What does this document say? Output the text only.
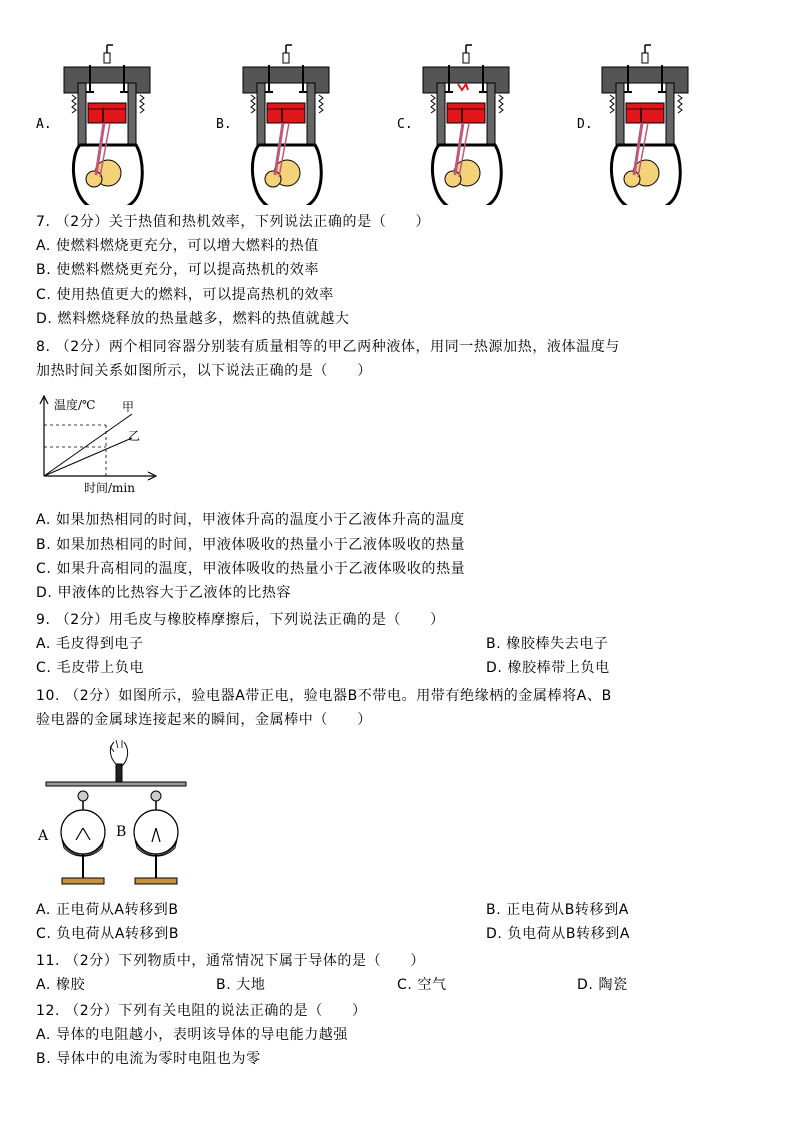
A.	B.	C.	D.
7. （2分）关于热值和热机效率，下列说法正确的是（　　）
A. 使燃料燃烧更充分，可以增大燃料的热值
B. 使燃料燃烧更充分，可以提高热机的效率
C. 使用热值更大的燃料，可以提高热机的效率
D. 燃料燃烧释放的热量越多，燃料的热值就越大
8. （2分）两个相同容器分别装有质量相等的甲乙两种液体，用同一热源加热，液体温度与
加热时间关系如图所示，以下说法正确的是（　　）
温度/℃ 甲
乙
时间/min
A. 如果加热相同的时间，甲液体升高的温度小于乙液体升高的温度
B. 如果加热相同的时间，甲液体吸收的热量小于乙液体吸收的热量
C. 如果升高相同的温度，甲液体吸收的热量小于乙液体吸收的热量
D. 甲液体的比热容大于乙液体的比热容
9. （2分）用毛皮与橡胶棒摩擦后，下列说法正确的是（　　）
A. 毛皮得到电子	B. 橡胶棒失去电子
C. 毛皮带上负电	D. 橡胶棒带上负电
10. （2分）如图所示，验电器A带正电，验电器B不带电。用带有绝缘柄的金属棒将A、B
验电器的金属球连接起来的瞬间，金属棒中（　　）
A	B
A. 正电荷从A转移到B	B. 正电荷从B转移到A
C. 负电荷从A转移到B	D. 负电荷从B转移到A
11. （2分）下列物质中，通常情况下属于导体的是（　　）
A. 橡胶	B. 大地	C. 空气	D. 陶瓷
12. （2分）下列有关电阻的说法正确的是（　　）
A. 导体的电阻越小，表明该导体的导电能力越强
B. 导体中的电流为零时电阻也为零
